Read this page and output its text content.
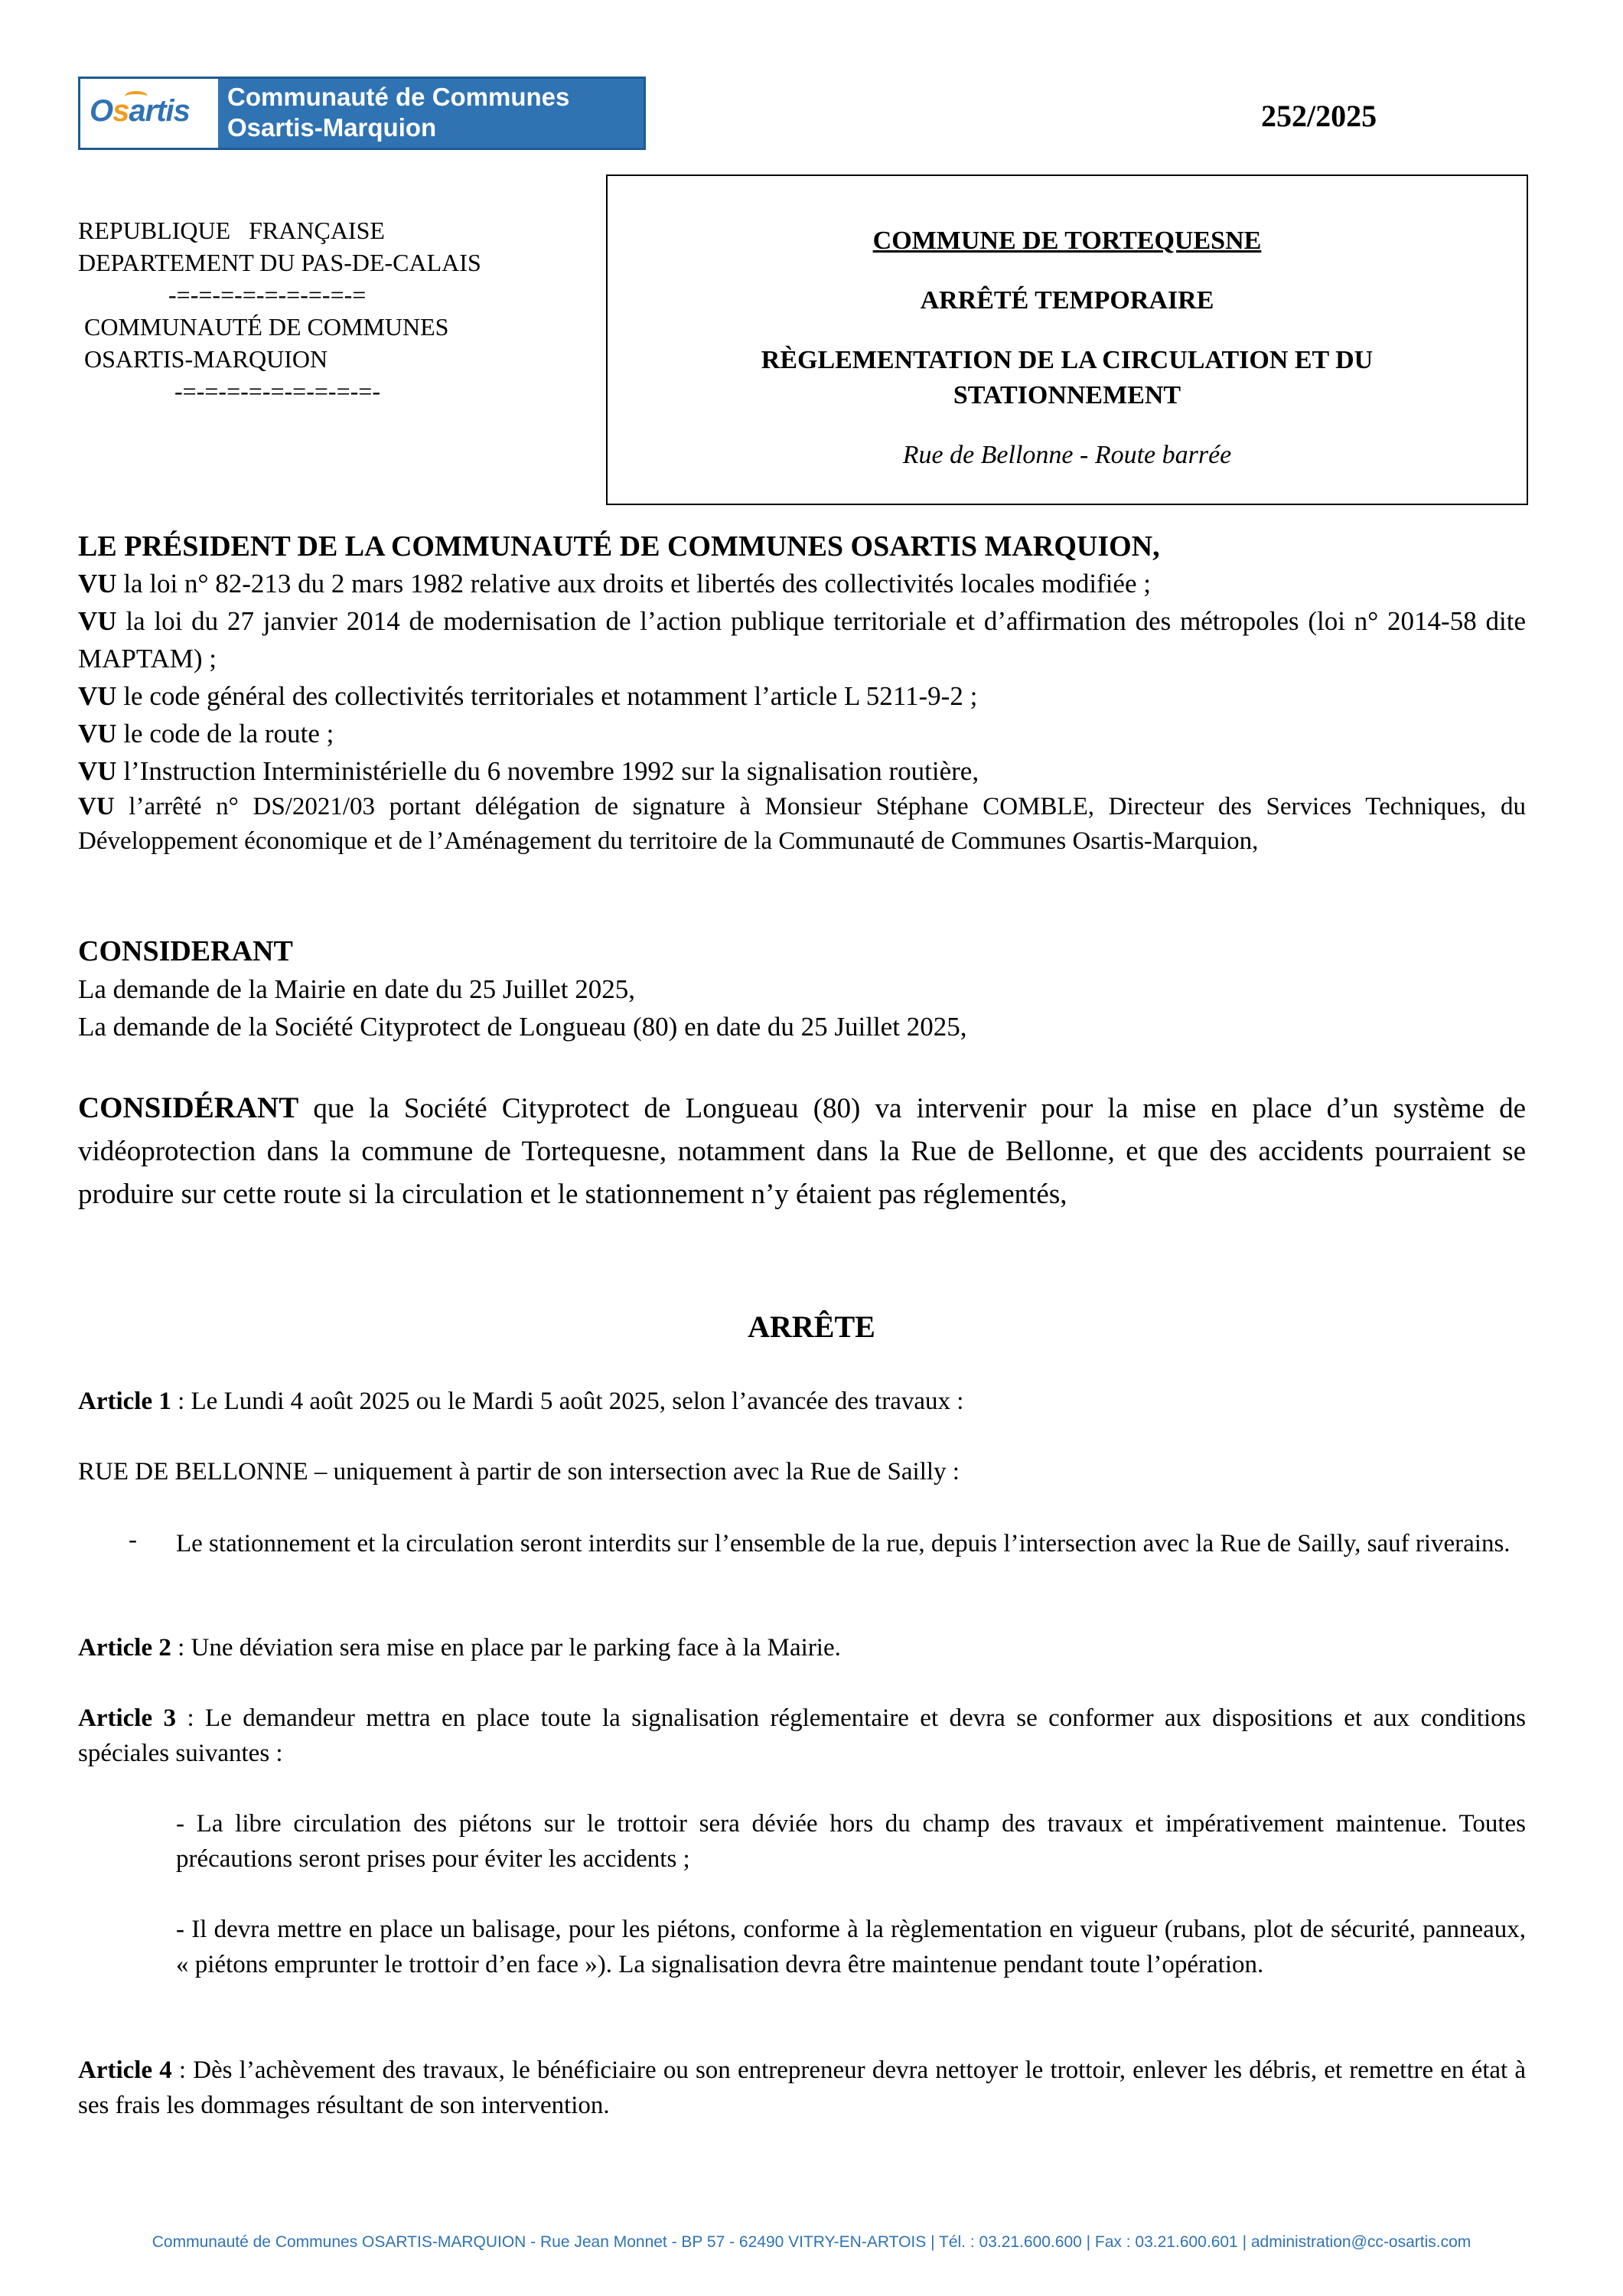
Osartis Communauté de Communes
Osartis-Marquion	252/2025
REPUBLIQUE   FRANÇAISE
DEPARTEMENT DU PAS-DE-CALAIS
-=-=-=-=-=-=-=-=-=
COMMUNAUTÉ DE COMMUNES
OSARTIS-MARQUION
-=-=-=-=-=-=-=-=-=-
COMMUNE DE TORTEQUESNE
ARRÊTÉ TEMPORAIRE
RÈGLEMENTATION DE LA CIRCULATION ET DU
STATIONNEMENT
Rue de Bellonne - Route barrée
LE PRÉSIDENT DE LA COMMUNAUTÉ DE COMMUNES OSARTIS MARQUION,
VU la loi n° 82-213 du 2 mars 1982 relative aux droits et libertés des collectivités locales modifiée ;
VU la loi du 27 janvier 2014 de modernisation de l’action publique territoriale et d’affirmation des métropoles (loi n° 2014-58 dite MAPTAM) ;
VU le code général des collectivités territoriales et notamment l’article L 5211-9-2 ;
VU le code de la route ;
VU l’Instruction Interministérielle du 6 novembre 1992 sur la signalisation routière,
VU l’arrêté n° DS/2021/03 portant délégation de signature à Monsieur Stéphane COMBLE, Directeur des Services Techniques, du Développement économique et de l’Aménagement du territoire de la Communauté de Communes Osartis-Marquion,
CONSIDERANT
La demande de la Mairie en date du 25 Juillet 2025,
La demande de la Société Cityprotect de Longueau (80) en date du 25 Juillet 2025,
CONSIDÉRANT que la Société Cityprotect de Longueau (80) va intervenir pour la mise en place d’un système de vidéoprotection dans la commune de Tortequesne, notamment dans la Rue de Bellonne, et que des accidents pourraient se produire sur cette route si la circulation et le stationnement n’y étaient pas réglementés,
ARRÊTE
Article 1 : Le Lundi 4 août 2025 ou le Mardi 5 août 2025, selon l’avancée des travaux :
RUE DE BELLONNE – uniquement à partir de son intersection avec la Rue de Sailly :
- Le stationnement et la circulation seront interdits sur l’ensemble de la rue, depuis l’intersection avec la Rue de Sailly, sauf riverains.
Article 2 : Une déviation sera mise en place par le parking face à la Mairie.
Article 3 : Le demandeur mettra en place toute la signalisation réglementaire et devra se conformer aux dispositions et aux conditions spéciales suivantes :
- La libre circulation des piétons sur le trottoir sera déviée hors du champ des travaux et impérativement maintenue. Toutes précautions seront prises pour éviter les accidents ;
- Il devra mettre en place un balisage, pour les piétons, conforme à la règlementation en vigueur (rubans, plot de sécurité, panneaux, « piétons emprunter le trottoir d’en face »). La signalisation devra être maintenue pendant toute l’opération.
Article 4 : Dès l’achèvement des travaux, le bénéficiaire ou son entrepreneur devra nettoyer le trottoir, enlever les débris, et remettre en état à ses frais les dommages résultant de son intervention.
Communauté de Communes OSARTIS-MARQUION - Rue Jean Monnet - BP 57 - 62490 VITRY-EN-ARTOIS | Tél. : 03.21.600.600 | Fax : 03.21.600.601 | administration@cc-osartis.com
